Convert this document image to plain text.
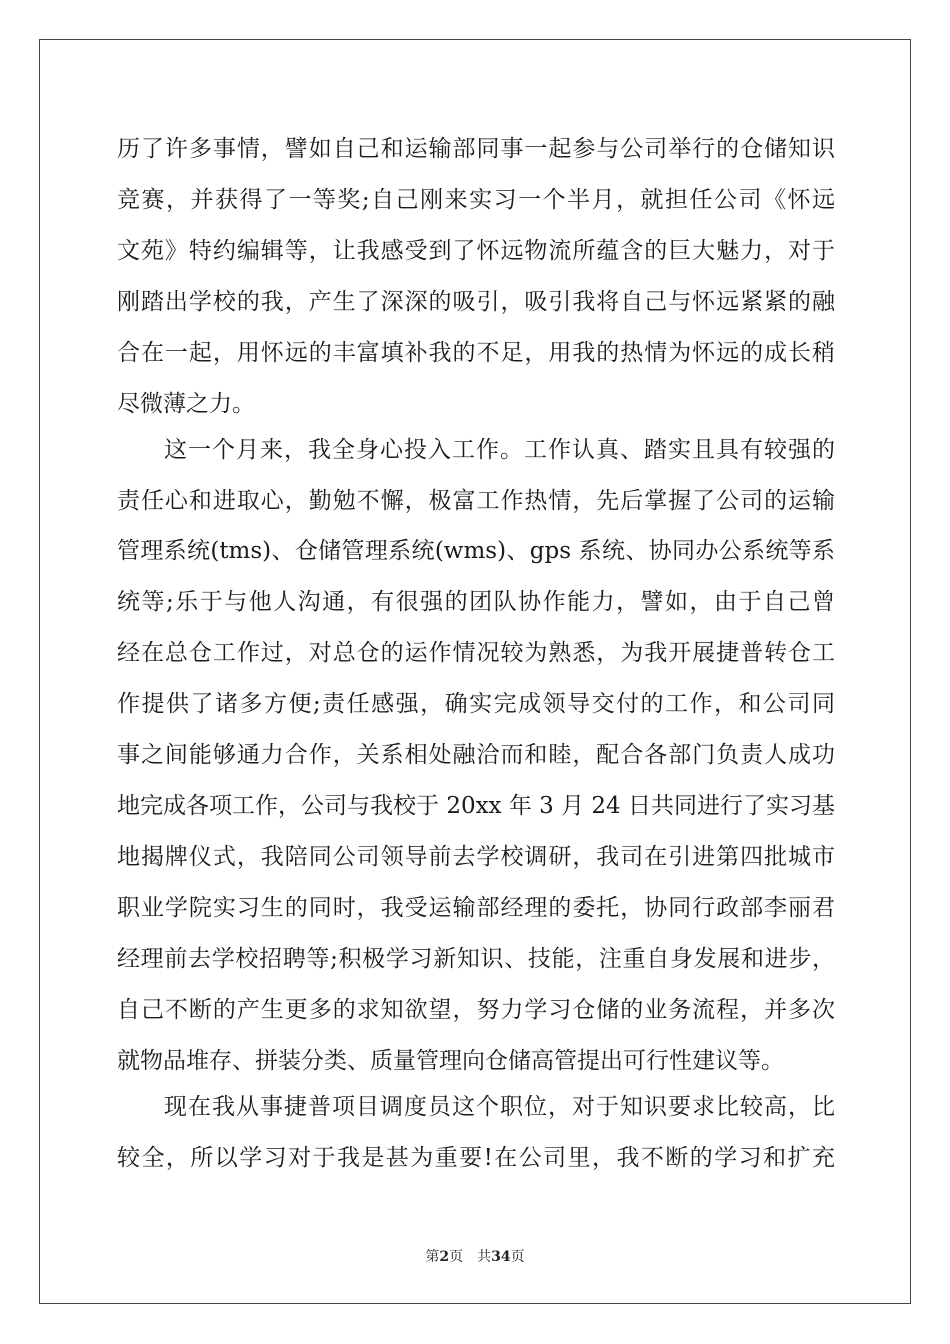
历了许多事情，譬如自己和运输部同事一起参与公司举行的仓储知识
竞赛，并获得了一等奖;自己刚来实习一个半月，就担任公司《怀远
文苑》特约编辑等，让我感受到了怀远物流所蕴含的巨大魅力，对于
刚踏出学校的我，产生了深深的吸引，吸引我将自己与怀远紧紧的融
合在一起，用怀远的丰富填补我的不足，用我的热情为怀远的成长稍
尽微薄之力。
这一个月来，我全身心投入工作。工作认真、踏实且具有较强的
责任心和进取心，勤勉不懈，极富工作热情，先后掌握了公司的运输
管理系统(tms)、仓储管理系统(wms)、gps 系统、协同办公系统等系
统等;乐于与他人沟通，有很强的团队协作能力，譬如，由于自己曾
经在总仓工作过，对总仓的运作情况较为熟悉，为我开展捷普转仓工
作提供了诸多方便;责任感强，确实完成领导交付的工作，和公司同
事之间能够通力合作，关系相处融洽而和睦，配合各部门负责人成功
地完成各项工作，公司与我校于 20xx 年 3 月 24 日共同进行了实习基
地揭牌仪式，我陪同公司领导前去学校调研，我司在引进第四批城市
职业学院实习生的同时，我受运输部经理的委托，协同行政部李丽君
经理前去学校招聘等;积极学习新知识、技能，注重自身发展和进步，
自己不断的产生更多的求知欲望，努力学习仓储的业务流程，并多次
就物品堆存、拼装分类、质量管理向仓储高管提出可行性建议等。
现在我从事捷普项目调度员这个职位，对于知识要求比较高，比
较全，所以学习对于我是甚为重要!在公司里，我不断的学习和扩充
第2页 共34页
